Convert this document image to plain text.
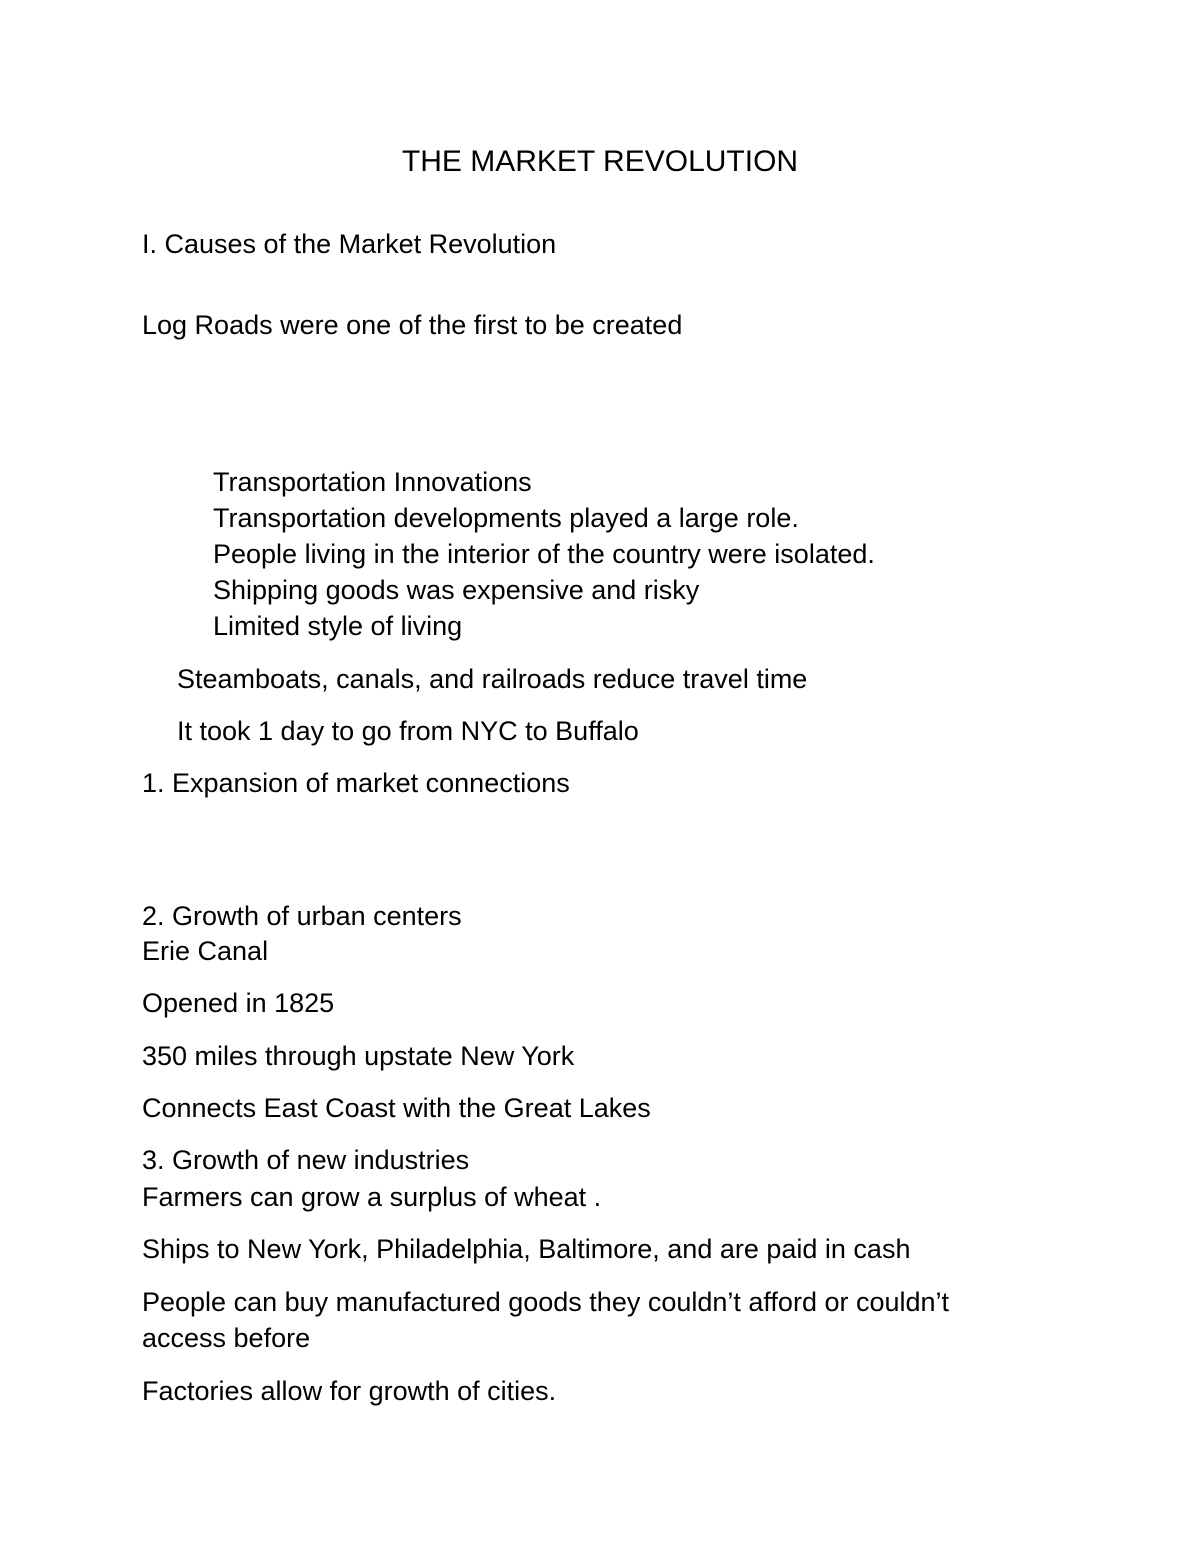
THE MARKET REVOLUTION
I. Causes of the Market Revolution
Log Roads were one of the first to be created
Transportation Innovations
Transportation developments played a large role.
People living in the interior of the country were isolated.
Shipping goods was expensive and risky
Limited style of living
Steamboats, canals, and railroads reduce travel time
It took 1 day to go from NYC to Buffalo
1. Expansion of market connections
2. Growth of urban centers
Erie Canal
Opened in 1825
350 miles through upstate New York
Connects East Coast with the Great Lakes
3. Growth of new industries
Farmers can grow a surplus of wheat .
Ships to New York, Philadelphia, Baltimore, and are paid in cash
People can buy manufactured goods they couldn’t afford or couldn’t
access before
Factories allow for growth of cities.
